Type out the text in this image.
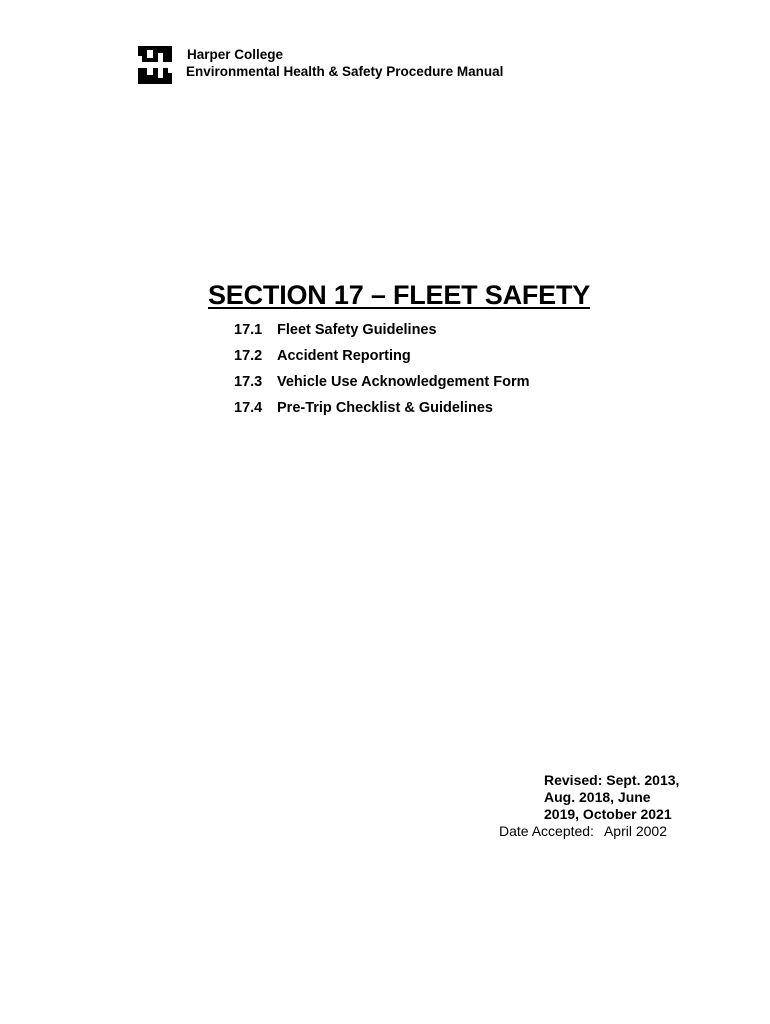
Harper College
Environmental Health & Safety Procedure Manual
SECTION 17 – FLEET SAFETY
17.1 Fleet Safety Guidelines
17.2 Accident Reporting
17.3 Vehicle Use Acknowledgement Form
17.4 Pre-Trip Checklist & Guidelines
Revised: Sept. 2013,
Aug. 2018, June
2019, October 2021
Date Accepted: April 2002
